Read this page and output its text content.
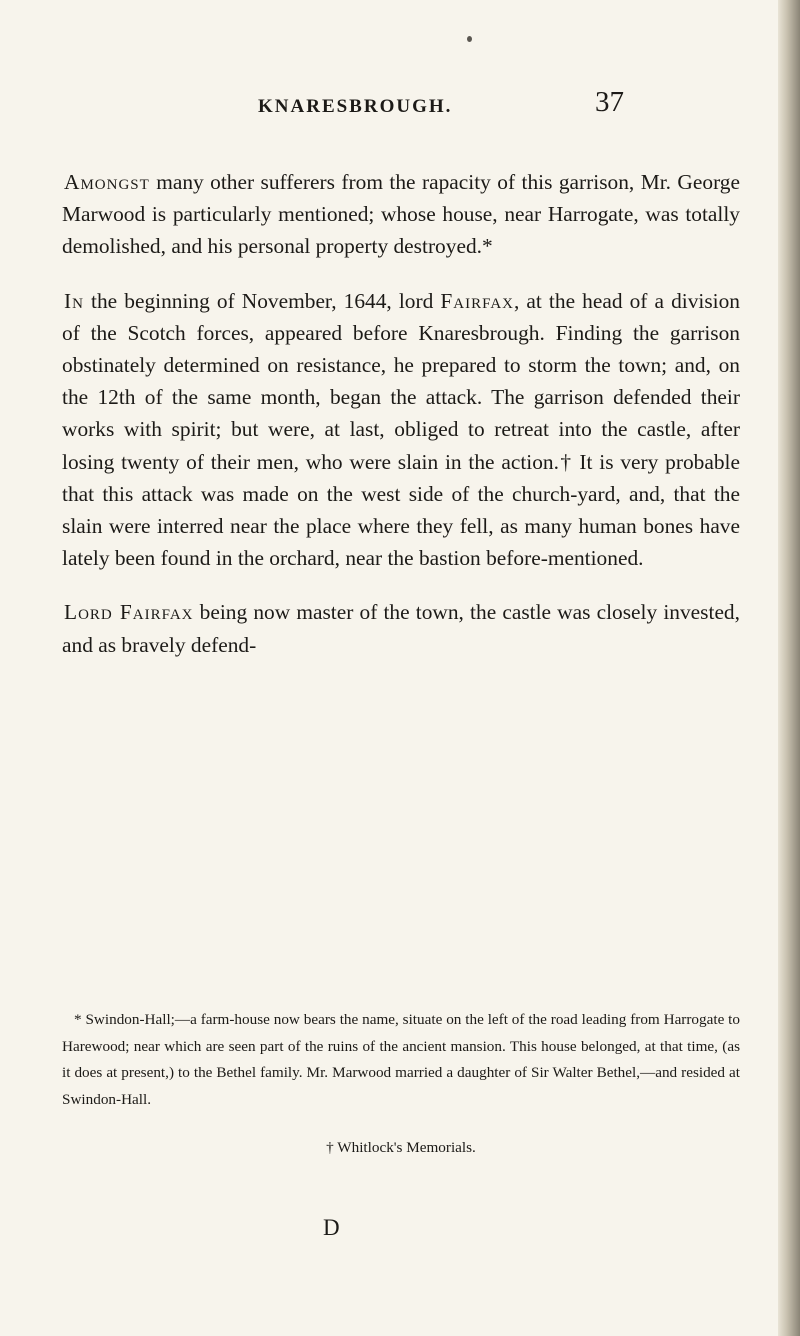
KNARESBROUGH.	37

Amongst many other sufferers from the rapacity of this garrison, Mr. George Marwood is particularly mentioned; whose house, near Harrogate, was totally demolished, and his personal property destroyed.*

In the beginning of November, 1644, lord Fairfax, at the head of a division of the Scotch forces, appeared before Knaresbrough. Finding the garrison obstinately determined on resistance, he prepared to storm the town; and, on the 12th of the same month, began the attack. The garrison defended their works with spirit; but were, at last, obliged to retreat into the castle, after losing twenty of their men, who were slain in the action.† It is very probable that this attack was made on the west side of the church-yard, and, that the slain were interred near the place where they fell, as many human bones have lately been found in the orchard, near the bastion before-mentioned.

Lord Fairfax being now master of the town, the castle was closely invested, and as bravely defend-

* Swindon-Hall;—a farm-house now bears the name, situate on the left of the road leading from Harrogate to Harewood; near which are seen part of the ruins of the ancient mansion. This house belonged, at that time, (as it does at present,) to the Bethel family. Mr. Marwood married a daughter of Sir Walter Bethel,—and resided at Swindon-Hall.

† Whitlock's Memorials.

D
